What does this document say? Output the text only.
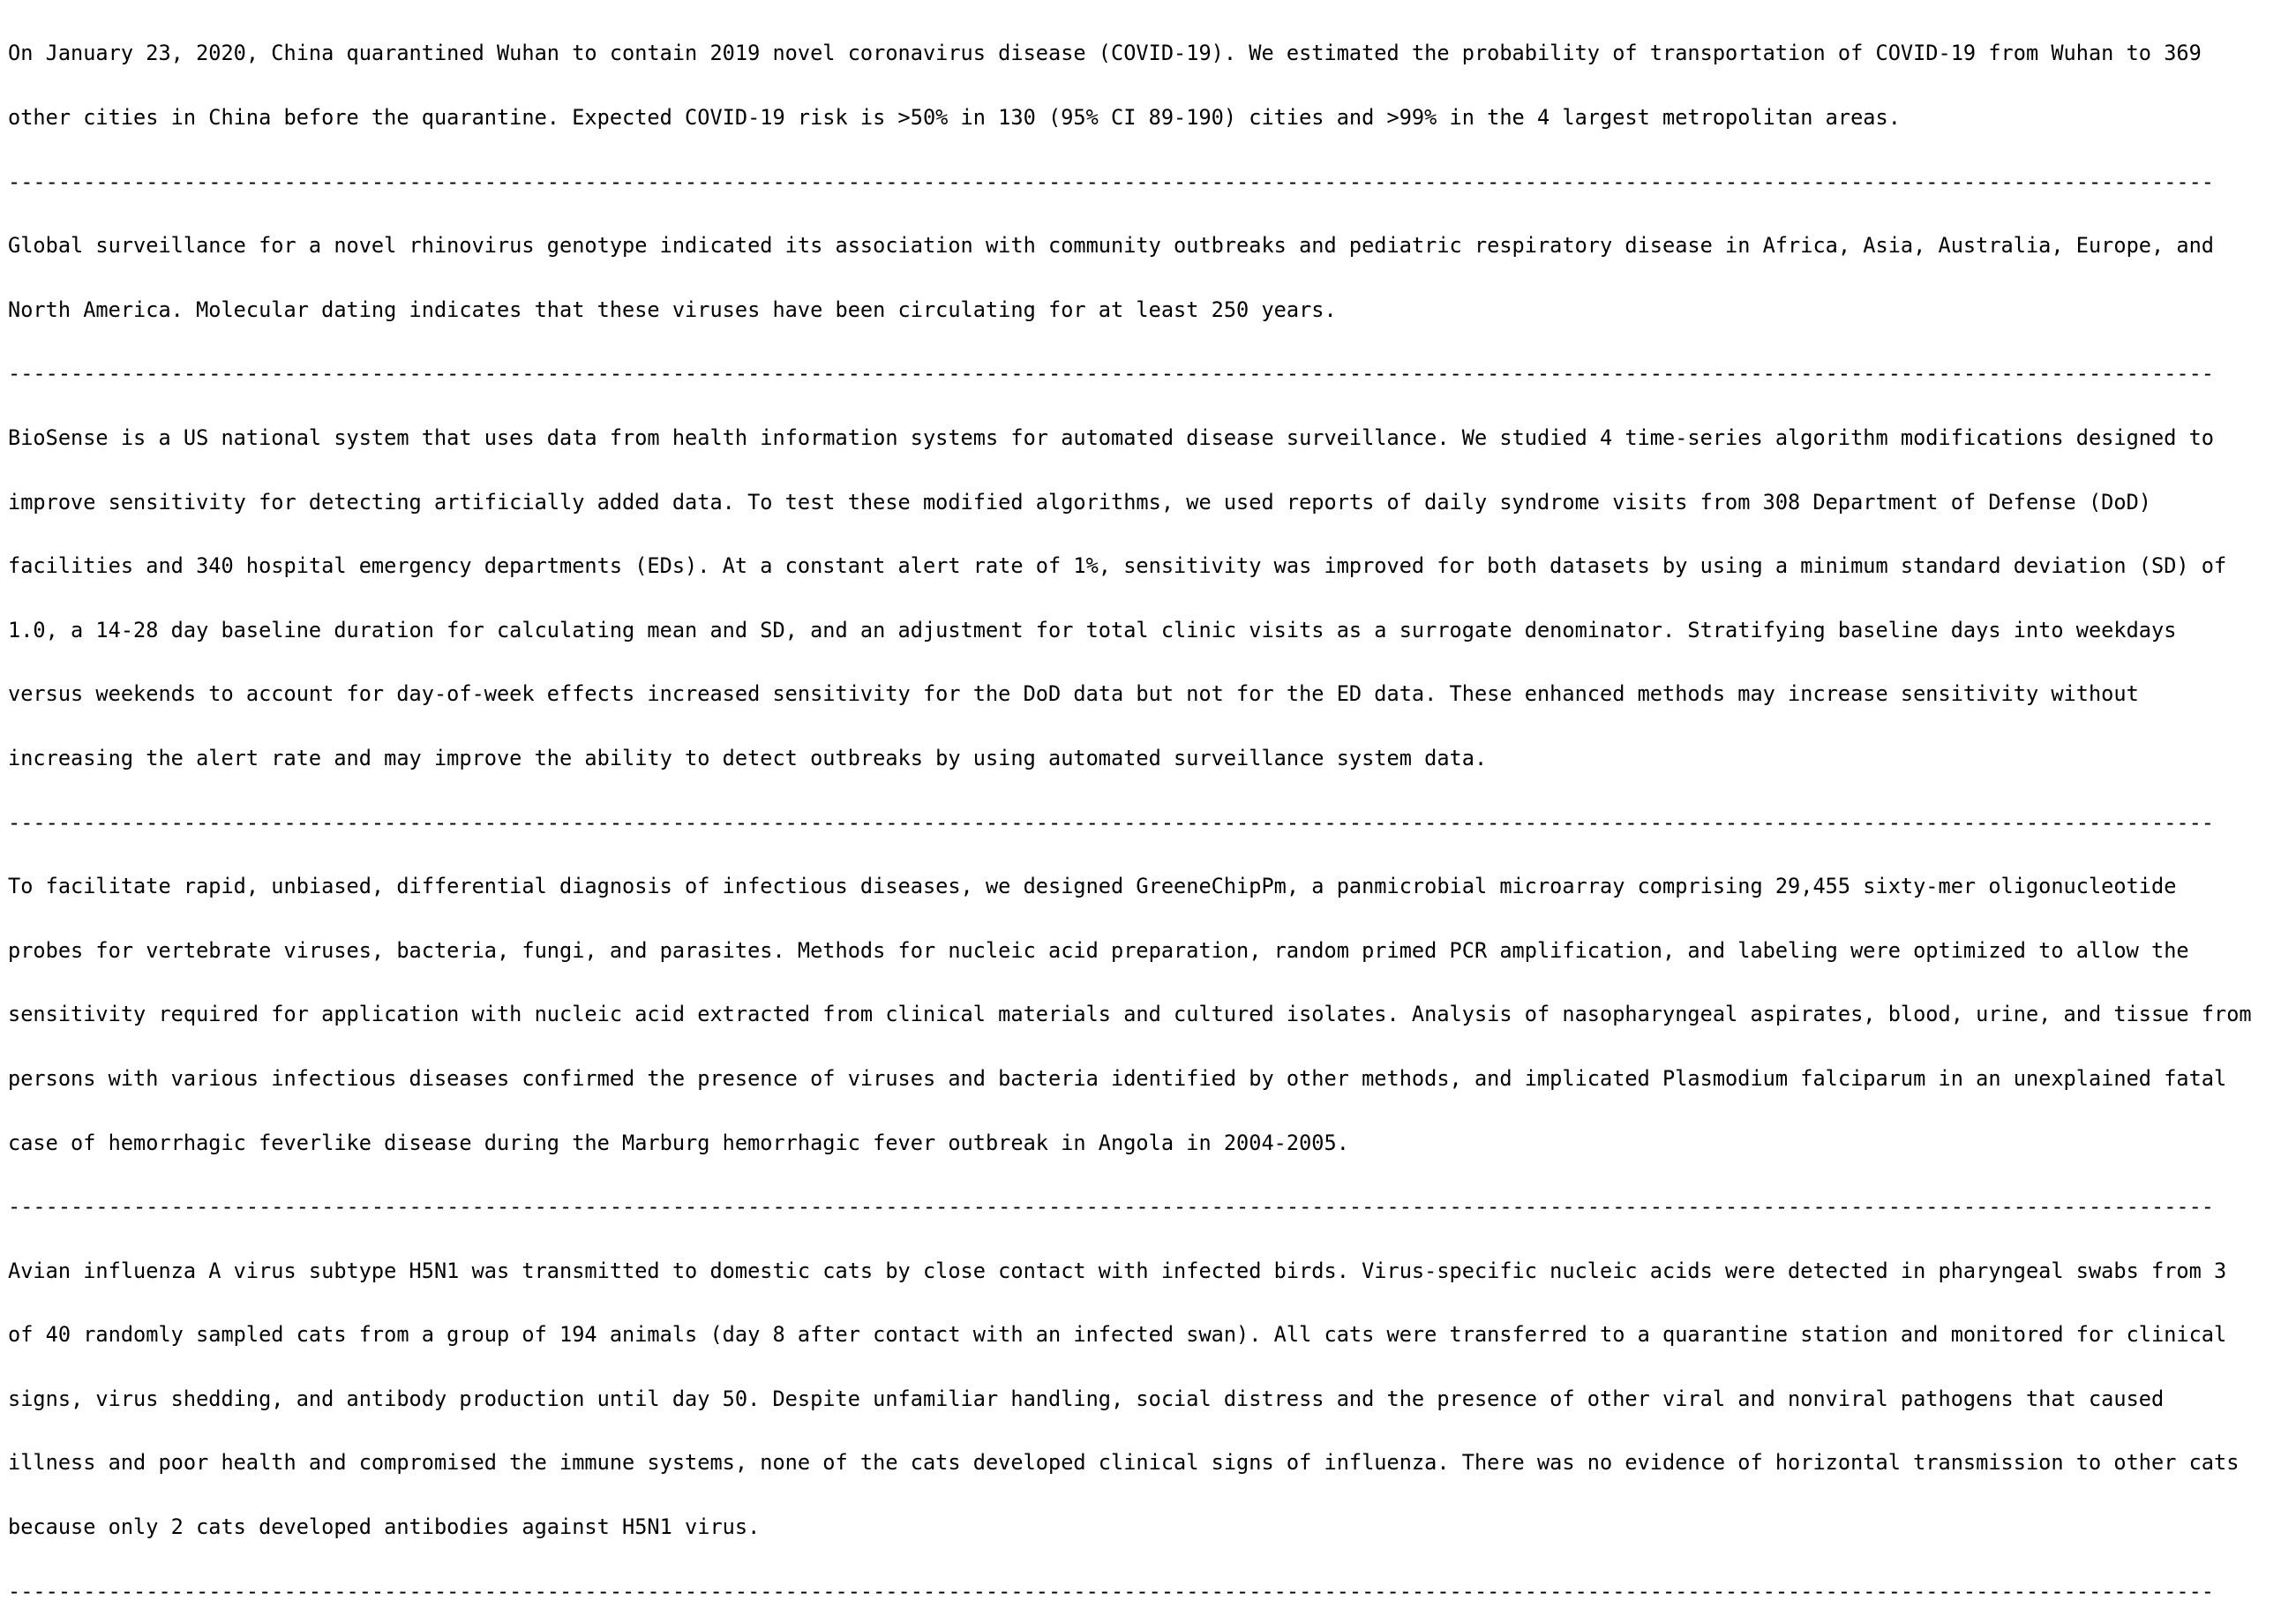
On January 23, 2020, China quarantined Wuhan to contain 2019 novel coronavirus disease (COVID-19). We estimated the probability of transportation of COVID-19 from Wuhan to 369

other cities in China before the quarantine. Expected COVID-19 risk is >50% in 130 (95% CI 89-190) cities and >99% in the 4 largest metropolitan areas.

--------------------------------------------------------------------------------------------------------------------------------------------------------------------------------

Global surveillance for a novel rhinovirus genotype indicated its association with community outbreaks and pediatric respiratory disease in Africa, Asia, Australia, Europe, and

North America. Molecular dating indicates that these viruses have been circulating for at least 250 years.

--------------------------------------------------------------------------------------------------------------------------------------------------------------------------------

BioSense is a US national system that uses data from health information systems for automated disease surveillance. We studied 4 time-series algorithm modifications designed to

improve sensitivity for detecting artificially added data. To test these modified algorithms, we used reports of daily syndrome visits from 308 Department of Defense (DoD)

facilities and 340 hospital emergency departments (EDs). At a constant alert rate of 1%, sensitivity was improved for both datasets by using a minimum standard deviation (SD) of

1.0, a 14-28 day baseline duration for calculating mean and SD, and an adjustment for total clinic visits as a surrogate denominator. Stratifying baseline days into weekdays

versus weekends to account for day-of-week effects increased sensitivity for the DoD data but not for the ED data. These enhanced methods may increase sensitivity without

increasing the alert rate and may improve the ability to detect outbreaks by using automated surveillance system data.

--------------------------------------------------------------------------------------------------------------------------------------------------------------------------------

To facilitate rapid, unbiased, differential diagnosis of infectious diseases, we designed GreeneChipPm, a panmicrobial microarray comprising 29,455 sixty-mer oligonucleotide

probes for vertebrate viruses, bacteria, fungi, and parasites. Methods for nucleic acid preparation, random primed PCR amplification, and labeling were optimized to allow the

sensitivity required for application with nucleic acid extracted from clinical materials and cultured isolates. Analysis of nasopharyngeal aspirates, blood, urine, and tissue from

persons with various infectious diseases confirmed the presence of viruses and bacteria identified by other methods, and implicated Plasmodium falciparum in an unexplained fatal

case of hemorrhagic feverlike disease during the Marburg hemorrhagic fever outbreak in Angola in 2004-2005.

--------------------------------------------------------------------------------------------------------------------------------------------------------------------------------

Avian influenza A virus subtype H5N1 was transmitted to domestic cats by close contact with infected birds. Virus-specific nucleic acids were detected in pharyngeal swabs from 3

of 40 randomly sampled cats from a group of 194 animals (day 8 after contact with an infected swan). All cats were transferred to a quarantine station and monitored for clinical

signs, virus shedding, and antibody production until day 50. Despite unfamiliar handling, social distress and the presence of other viral and nonviral pathogens that caused

illness and poor health and compromised the immune systems, none of the cats developed clinical signs of influenza. There was no evidence of horizontal transmission to other cats

because only 2 cats developed antibodies against H5N1 virus.

--------------------------------------------------------------------------------------------------------------------------------------------------------------------------------
